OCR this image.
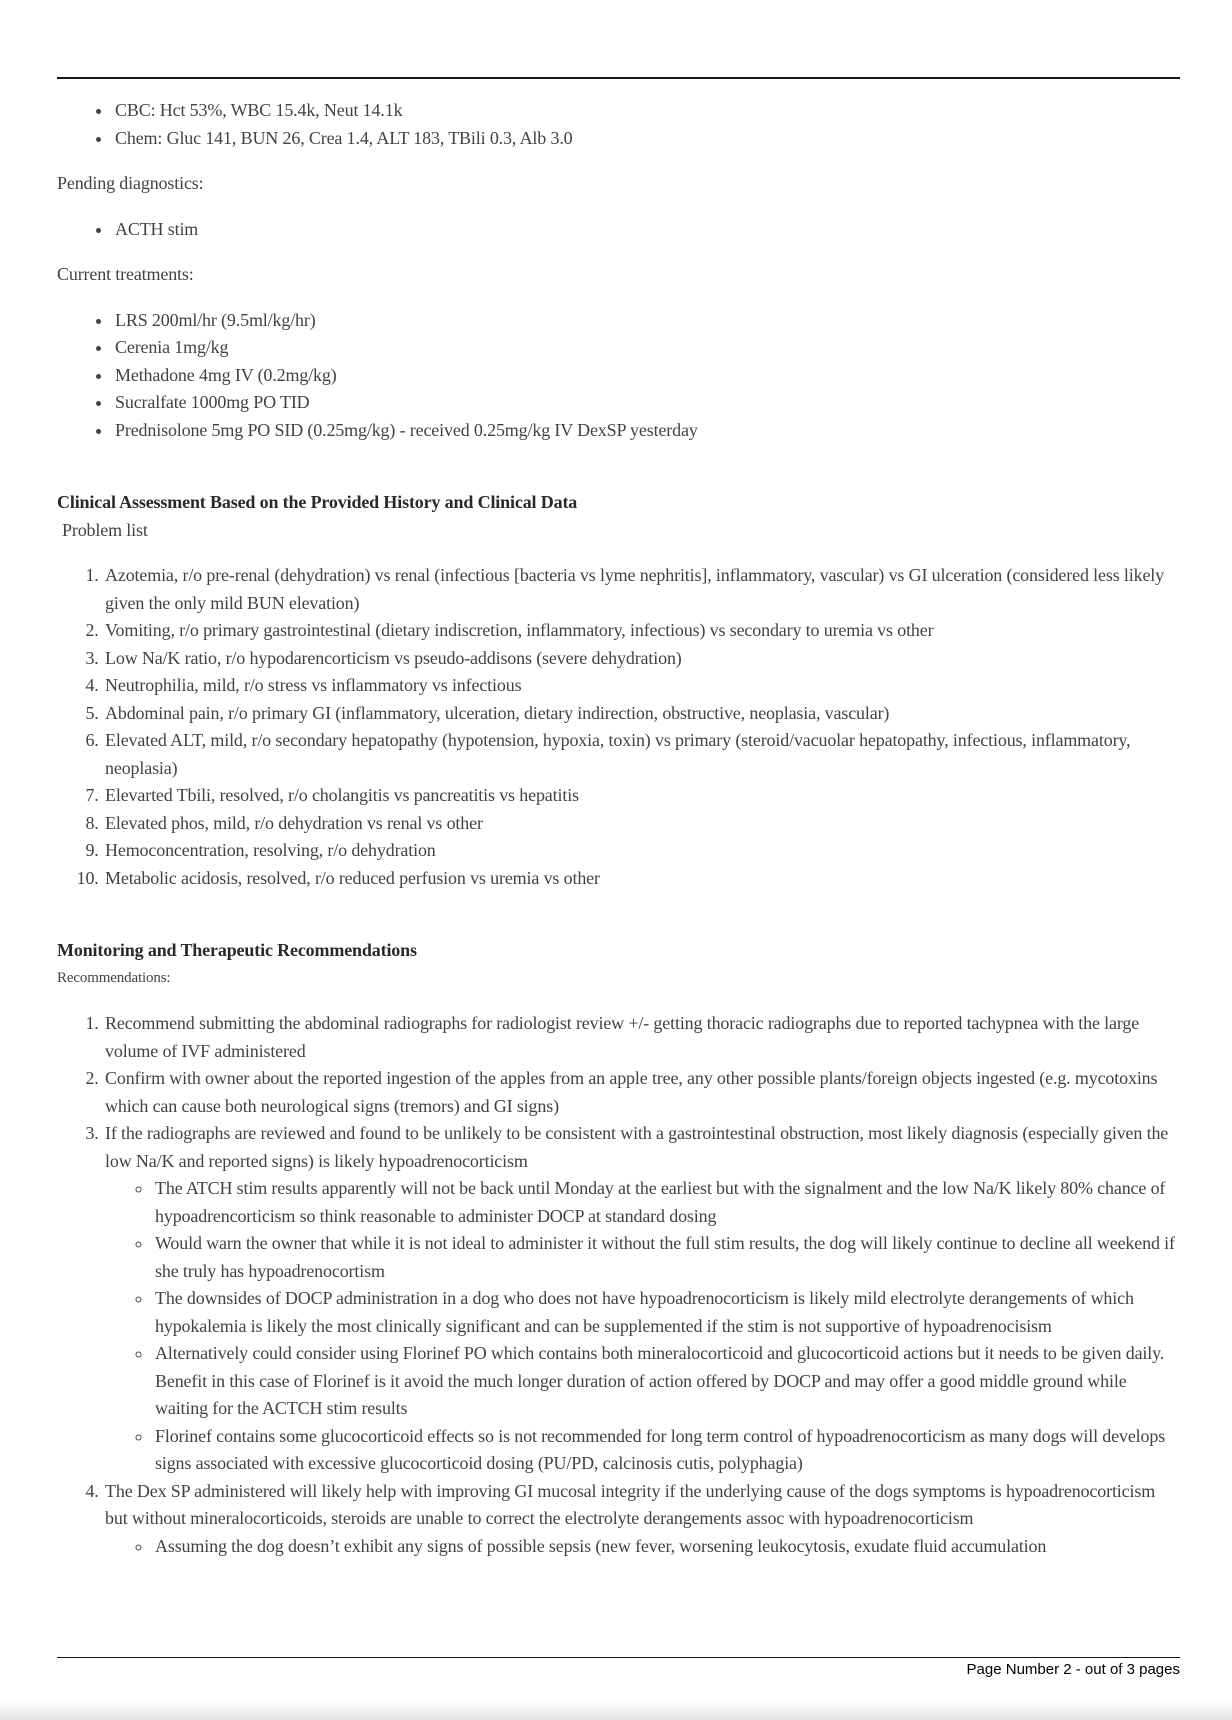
• CBC: Hct 53%, WBC 15.4k, Neut 14.1k
• Chem: Gluc 141, BUN 26, Crea 1.4, ALT 183, TBili 0.3, Alb 3.0

Pending diagnostics:

• ACTH stim

Current treatments:

• LRS 200ml/hr (9.5ml/kg/hr)
• Cerenia 1mg/kg
• Methadone 4mg IV (0.2mg/kg)
• Sucralfate 1000mg PO TID
• Prednisolone 5mg PO SID (0.25mg/kg) - received 0.25mg/kg IV DexSP yesterday

Clinical Assessment Based on the Provided History and Clinical Data

Problem list

1. Azotemia, r/o pre-renal (dehydration) vs renal (infectious [bacteria vs lyme nephritis], inflammatory, vascular) vs GI ulceration (considered less likely given the only mild BUN elevation)
2. Vomiting, r/o primary gastrointestinal (dietary indiscretion, inflammatory, infectious) vs secondary to uremia vs other
3. Low Na/K ratio, r/o hypodarencorticism vs pseudo-addisons (severe dehydration)
4. Neutrophilia, mild, r/o stress vs inflammatory vs infectious
5. Abdominal pain, r/o primary GI (inflammatory, ulceration, dietary indirection, obstructive, neoplasia, vascular)
6. Elevated ALT, mild, r/o secondary hepatopathy (hypotension, hypoxia, toxin) vs primary (steroid/vacuolar hepatopathy, infectious, inflammatory, neoplasia)
7. Elevarted Tbili, resolved, r/o cholangitis vs pancreatitis vs hepatitis
8. Elevated phos, mild, r/o dehydration vs renal vs other
9. Hemoconcentration, resolving, r/o dehydration
10. Metabolic acidosis, resolved, r/o reduced perfusion vs uremia vs other

Monitoring and Therapeutic Recommendations

Recommendations:

1. Recommend submitting the abdominal radiographs for radiologist review +/- getting thoracic radiographs due to reported tachypnea with the large volume of IVF administered
2. Confirm with owner about the reported ingestion of the apples from an apple tree, any other possible plants/foreign objects ingested (e.g. mycotoxins which can cause both neurological signs (tremors) and GI signs)
3. If the radiographs are reviewed and found to be unlikely to be consistent with a gastrointestinal obstruction, most likely diagnosis (especially given the low Na/K and reported signs) is likely hypoadrenocorticism
◦ The ATCH stim results apparently will not be back until Monday at the earliest but with the signalment and the low Na/K likely 80% chance of hypoadrencorticism so think reasonable to administer DOCP at standard dosing
◦ Would warn the owner that while it is not ideal to administer it without the full stim results, the dog will likely continue to decline all weekend if she truly has hypoadrenocortism
◦ The downsides of DOCP administration in a dog who does not have hypoadrenocorticism is likely mild electrolyte derangements of which hypokalemia is likely the most clinically significant and can be supplemented if the stim is not supportive of hypoadrenocisism
◦ Alternatively could consider using Florinef PO which contains both mineralocorticoid and glucocorticoid actions but it needs to be given daily. Benefit in this case of Florinef is it avoid the much longer duration of action offered by DOCP and may offer a good middle ground while waiting for the ACTCH stim results
◦ Florinef contains some glucocorticoid effects so is not recommended for long term control of hypoadrenocorticism as many dogs will develops signs associated with excessive glucocorticoid dosing (PU/PD, calcinosis cutis, polyphagia)
4. The Dex SP administered will likely help with improving GI mucosal integrity if the underlying cause of the dogs symptoms is hypoadrenocorticism but without mineralocorticoids, steroids are unable to correct the electrolyte derangements assoc with hypoadrenocorticism
◦ Assuming the dog doesn’t exhibit any signs of possible sepsis (new fever, worsening leukocytosis, exudate fluid accumulation
Page Number 2 - out of 3 pages
